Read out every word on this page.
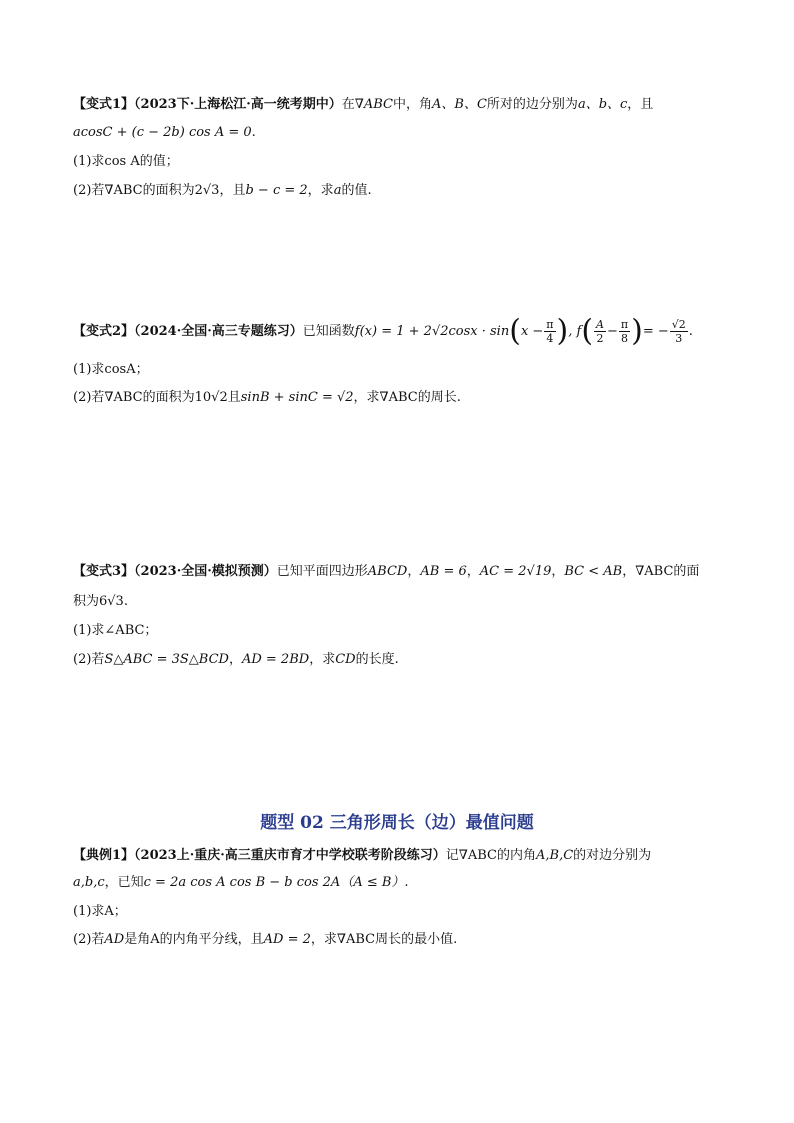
【变式1】（2023下·上海松江·高一统考期中）在∇ABC中，角A、B、C所对的边分别为a、b、c，且
acosC + (c − 2b) cos A = 0.
(1)求cos A的值；
(2)若∇ABC的面积为2√3，且b − c = 2，求a的值.
【变式2】（2024·全国·高三专题练习）已知函数$f(x) = 1 + 2√2\cos x \cdot \sin(x - \frac{\pi}{4}$ ), $f( \frac{A}{2} - \frac{\pi}{8}$ )= − $\frac{√2}{3}$ .
(1)求cosA；
(2)若∇ABC的面积为10√2且sinB + sinC = √2，求∇ABC的周长.
【变式3】（2023·全国·模拟预测）已知平面四边形ABCD，AB = 6，AC = 2√19，BC < AB，∇ABC的面
积为6√3.
(1)求∠ABC；
(2)若S△ABC = 3S△BCD，AD = 2BD，求CD的长度.
题型 02 三角形周长（边）最值问题
【典例1】（2023上·重庆·高三重庆市育才中学校联考阶段练习）记∇ABC的内角A,B,C的对边分别为
a,b,c，已知c = 2a cos A cos B − b cos 2A（A ≤ B）.
(1)求A；
(2)若AD是角A的内角平分线，且AD = 2，求∇ABC周长的最小值.
